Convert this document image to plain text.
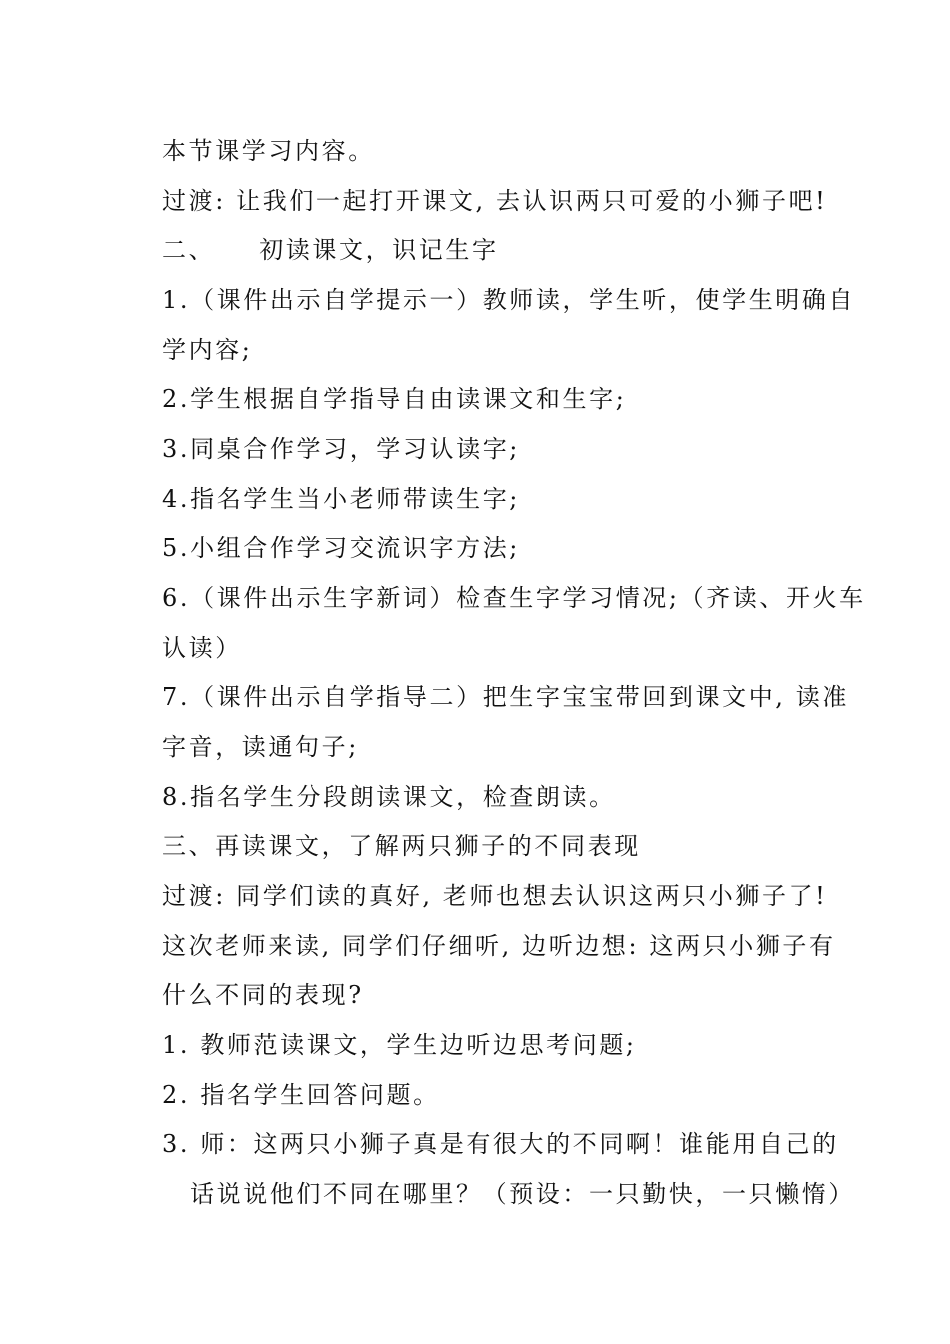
本节课学习内容。
过渡: 让我们一起打开课文, 去认识两只可爱的小狮子吧!
二、 初读课文，识记生字
1.（课件出示自学提示一）教师读，学生听，使学生明确自
学内容;
2.学生根据自学指导自由读课文和生字;
3.同桌合作学习，学习认读字;
4.指名学生当小老师带读生字;
5.小组合作学习交流识字方法;
6.（课件出示生字新词）检查生字学习情况;（齐读、开火车
认读）
7.（课件出示自学指导二）把生字宝宝带回到课文中, 读准
字音，读通句子;
8.指名学生分段朗读课文，检查朗读。
三、再读课文，了解两只狮子的不同表现
过渡: 同学们读的真好, 老师也想去认识这两只小狮子了!
这次老师来读, 同学们仔细听, 边听边想: 这两只小狮子有
什么不同的表现?
1. 教师范读课文，学生边听边思考问题;
2. 指名学生回答问题。
3. 师：这两只小狮子真是有很大的不同啊！谁能用自己的
话说说他们不同在哪里？（预设：一只勤快，一只懒惰）
